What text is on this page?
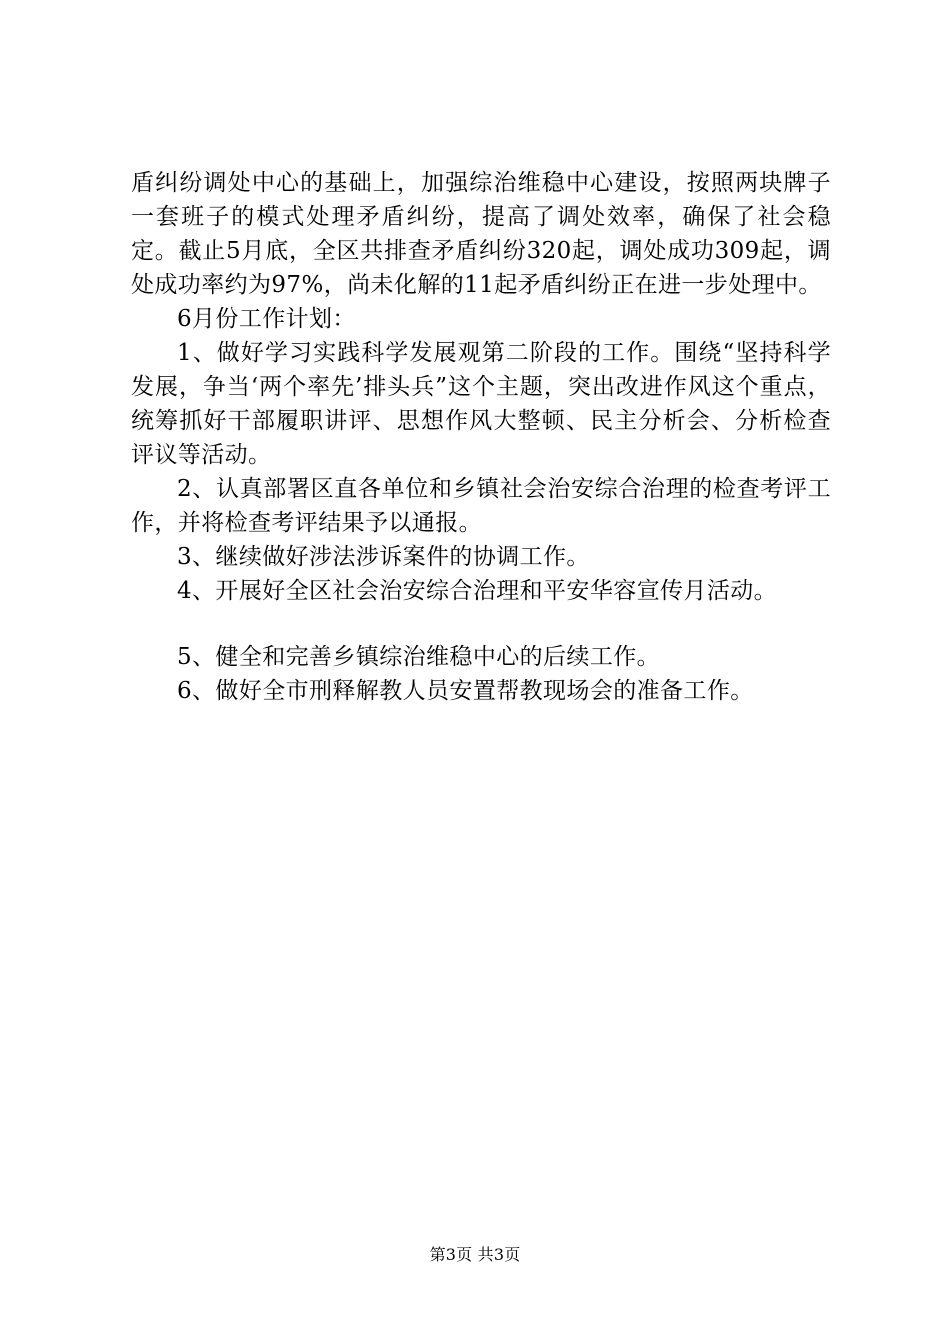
盾纠纷调处中心的基础上，加强综治维稳中心建设，按照两块牌子一套班子的模式处理矛盾纠纷，提高了调处效率，确保了社会稳定。截止5月底，全区共排查矛盾纠纷320起，调处成功309起，调处成功率约为97%，尚未化解的11起矛盾纠纷正在进一步处理中。

6月份工作计划：

1、做好学习实践科学发展观第二阶段的工作。围绕“坚持科学发展，争当‘两个率先’排头兵”这个主题，突出改进作风这个重点，统筹抓好干部履职讲评、思想作风大整顿、民主分析会、分析检查评议等活动。

2、认真部署区直各单位和乡镇社会治安综合治理的检查考评工作，并将检查考评结果予以通报。

3、继续做好涉法涉诉案件的协调工作。

4、开展好全区社会治安综合治理和平安华容宣传月活动。

5、健全和完善乡镇综治维稳中心的后续工作。

6、做好全市刑释解教人员安置帮教现场会的准备工作。

第3页 共3页
